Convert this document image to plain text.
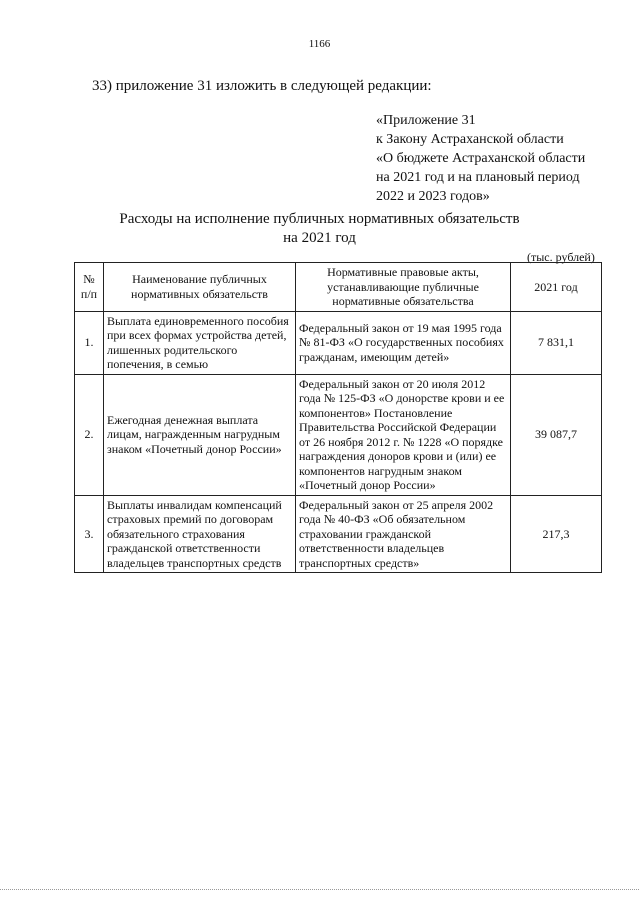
1166
33) приложение 31 изложить в следующей редакции:
«Приложение 31
к Закону Астраханской области
«О бюджете Астраханской области
на 2021 год и на плановый период
2022 и 2023 годов»
Расходы на исполнение публичных нормативных обязательств
на 2021 год
(тыс. рублей)
№ п/п	Наименование публичных нормативных обязательств	Нормативные правовые акты, устанавливающие публичные нормативные обязательства	2021 год
1.	Выплата единовременного пособия при всех формах устройства детей, лишенных родительского попечения, в семью	Федеральный закон от 19 мая 1995 года № 81-ФЗ «О государственных пособиях гражданам, имеющим детей»	7 831,1
2.	Ежегодная денежная выплата лицам, награжденным нагрудным знаком «Почетный донор России»	Федеральный закон от 20 июля 2012 года № 125-ФЗ «О донорстве крови и ее компонентов» Постановление Правительства Российской Федерации от 26 ноября 2012 г. № 1228 «О порядке награждения доноров крови и (или) ее компонентов нагрудным знаком «Почетный донор России»	39 087,7
3.	Выплаты инвалидам компенсаций страховых премий по договорам обязательного страхования гражданской ответственности владельцев транспортных средств	Федеральный закон от 25 апреля 2002 года № 40-ФЗ «Об обязательном страховании гражданской ответственности владельцев транспортных средств»	217,3
